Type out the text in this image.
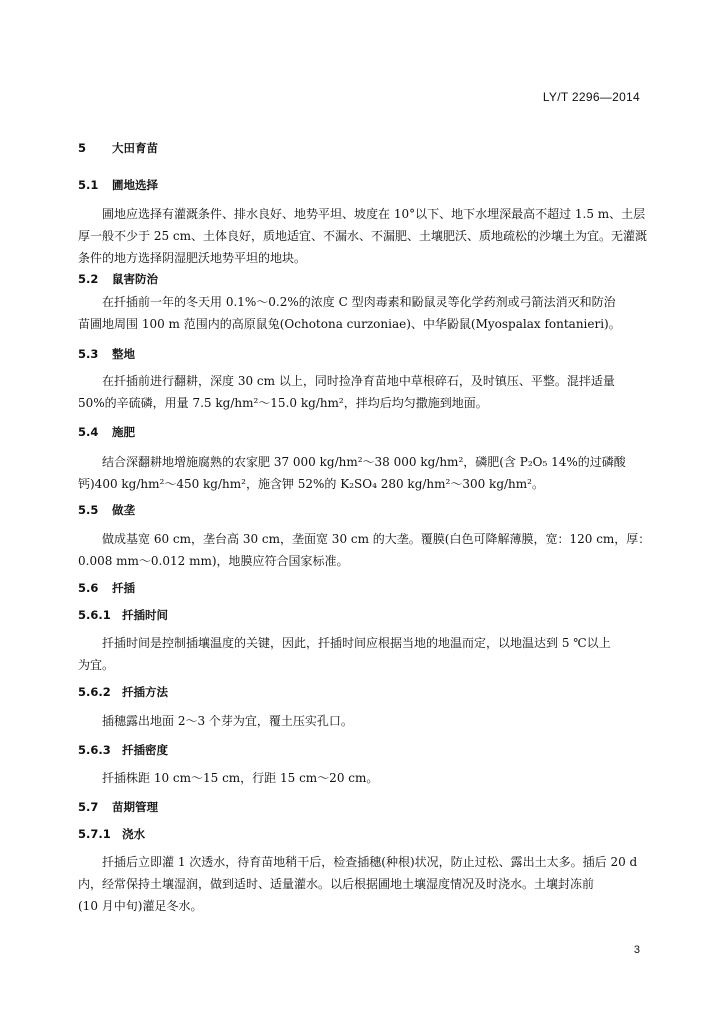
LY/T 2296—2014
5 大田育苗
5.1 圃地选择
圃地应选择有灌溉条件、排水良好、地势平坦、坡度在 10°以下、地下水埋深最高不超过 1.5 m、土层
厚一般不少于 25 cm、土体良好，质地适宜、不漏水、不漏肥、土壤肥沃、质地疏松的沙壤土为宜。无灌溉
条件的地方选择阴湿肥沃地势平坦的地块。
5.2 鼠害防治
在扦插前一年的冬天用 0.1%～0.2%的浓度 C 型肉毒素和鼢鼠灵等化学药剂或弓箭法消灭和防治
苗圃地周围 100 m 范围内的高原鼠兔(Ochotona curzoniae)、中华鼢鼠(Myospalax fontanieri)。
5.3 整地
在扦插前进行翻耕，深度 30 cm 以上，同时捡净育苗地中草根碎石，及时镇压、平整。混拌适量
50%的辛硫磷，用量 7.5 kg/hm²～15.0 kg/hm²，拌均后均匀撒施到地面。
5.4 施肥
结合深翻耕地增施腐熟的农家肥 37 000 kg/hm²～38 000 kg/hm²，磷肥(含 P₂O₅ 14%的过磷酸
钙)400 kg/hm²～450 kg/hm²，施含钾 52%的 K₂SO₄ 280 kg/hm²～300 kg/hm²。
5.5 做垄
做成基宽 60 cm，垄台高 30 cm，垄面宽 30 cm 的大垄。覆膜(白色可降解薄膜，宽：120 cm，厚：
0.008 mm～0.012 mm)，地膜应符合国家标准。
5.6 扦插
5.6.1 扦插时间
扦插时间是控制插壤温度的关键，因此，扦插时间应根据当地的地温而定，以地温达到 5 ℃以上
为宜。
5.6.2 扦插方法
插穗露出地面 2～3 个芽为宜，覆土压实孔口。
5.6.3 扦插密度
扦插株距 10 cm～15 cm，行距 15 cm～20 cm。
5.7 苗期管理
5.7.1 浇水
扦插后立即灌 1 次透水，待育苗地稍干后，检查插穗(种根)状况，防止过松、露出土太多。插后 20 d
内，经常保持土壤湿润，做到适时、适量灌水。以后根据圃地土壤湿度情况及时浇水。土壤封冻前
(10 月中旬)灌足冬水。
3
